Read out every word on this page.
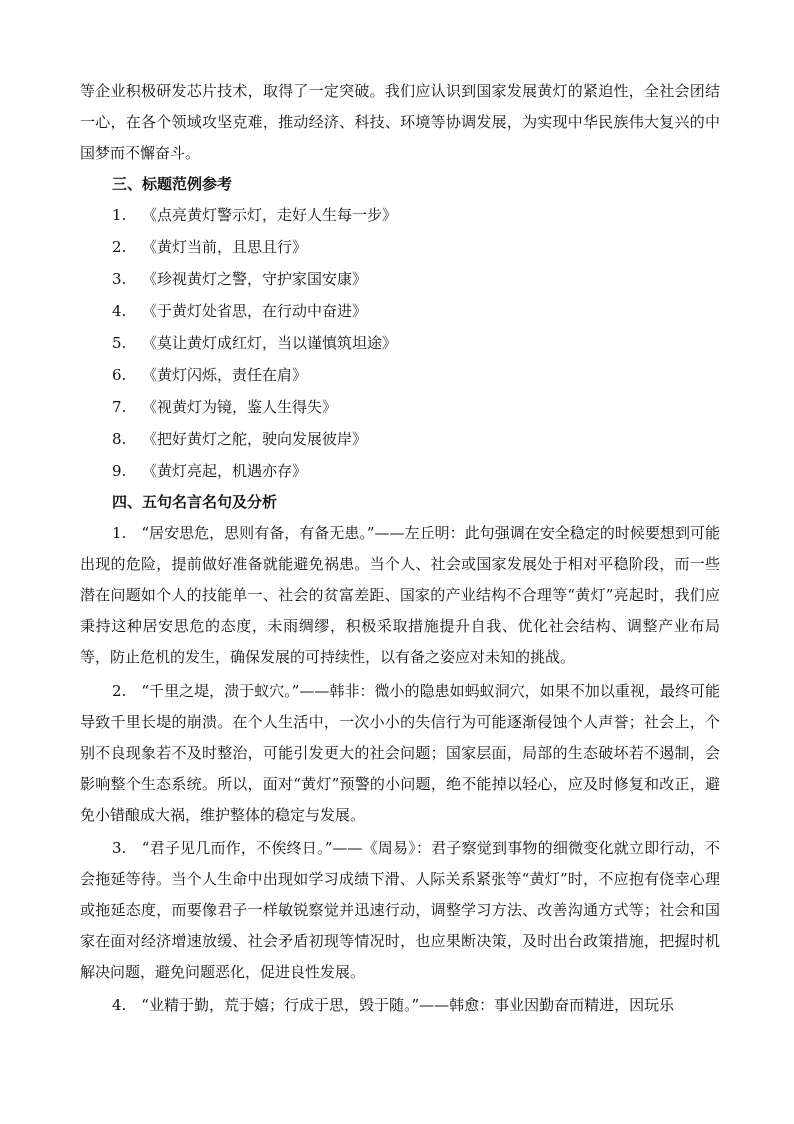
等企业积极研发芯片技术，取得了一定突破。我们应认识到国家发展黄灯的紧迫性，全社会团结一心，在各个领域攻坚克难，推动经济、科技、环境等协调发展，为实现中华民族伟大复兴的中国梦而不懈奋斗。

三、标题范例参考

1. 《点亮黄灯警示灯，走好人生每一步》
2. 《黄灯当前，且思且行》
3. 《珍视黄灯之警，守护家国安康》
4. 《于黄灯处省思，在行动中奋进》
5. 《莫让黄灯成红灯，当以谨慎筑坦途》
6. 《黄灯闪烁，责任在肩》
7. 《视黄灯为镜，鉴人生得失》
8. 《把好黄灯之舵，驶向发展彼岸》
9. 《黄灯亮起，机遇亦存》

四、五句名言名句及分析

1.　“居安思危，思则有备，有备无患。”——左丘明：此句强调在安全稳定的时候要想到可能出现的危险，提前做好准备就能避免祸患。当个人、社会或国家发展处于相对平稳阶段，而一些潜在问题如个人的技能单一、社会的贫富差距、国家的产业结构不合理等“黄灯”亮起时，我们应秉持这种居安思危的态度，未雨绸缪，积极采取措施提升自我、优化社会结构、调整产业布局等，防止危机的发生，确保发展的可持续性，以有备之姿应对未知的挑战。

2.　“千里之堤，溃于蚁穴。”——韩非：微小的隐患如蚂蚁洞穴，如果不加以重视，最终可能导致千里长堤的崩溃。在个人生活中，一次小小的失信行为可能逐渐侵蚀个人声誉；社会上，个别不良现象若不及时整治，可能引发更大的社会问题；国家层面，局部的生态破坏若不遏制，会影响整个生态系统。所以，面对“黄灯”预警的小问题，绝不能掉以轻心，应及时修复和改正，避免小错酿成大祸，维护整体的稳定与发展。

3.　“君子见几而作，不俟终日。”——《周易》：君子察觉到事物的细微变化就立即行动，不会拖延等待。当个人生命中出现如学习成绩下滑、人际关系紧张等“黄灯”时，不应抱有侥幸心理或拖延态度，而要像君子一样敏锐察觉并迅速行动，调整学习方法、改善沟通方式等；社会和国家在面对经济增速放缓、社会矛盾初现等情况时，也应果断决策，及时出台政策措施，把握时机解决问题，避免问题恶化，促进良性发展。

4.　“业精于勤，荒于嬉；行成于思，毁于随。”——韩愈：事业因勤奋而精进，因玩乐
